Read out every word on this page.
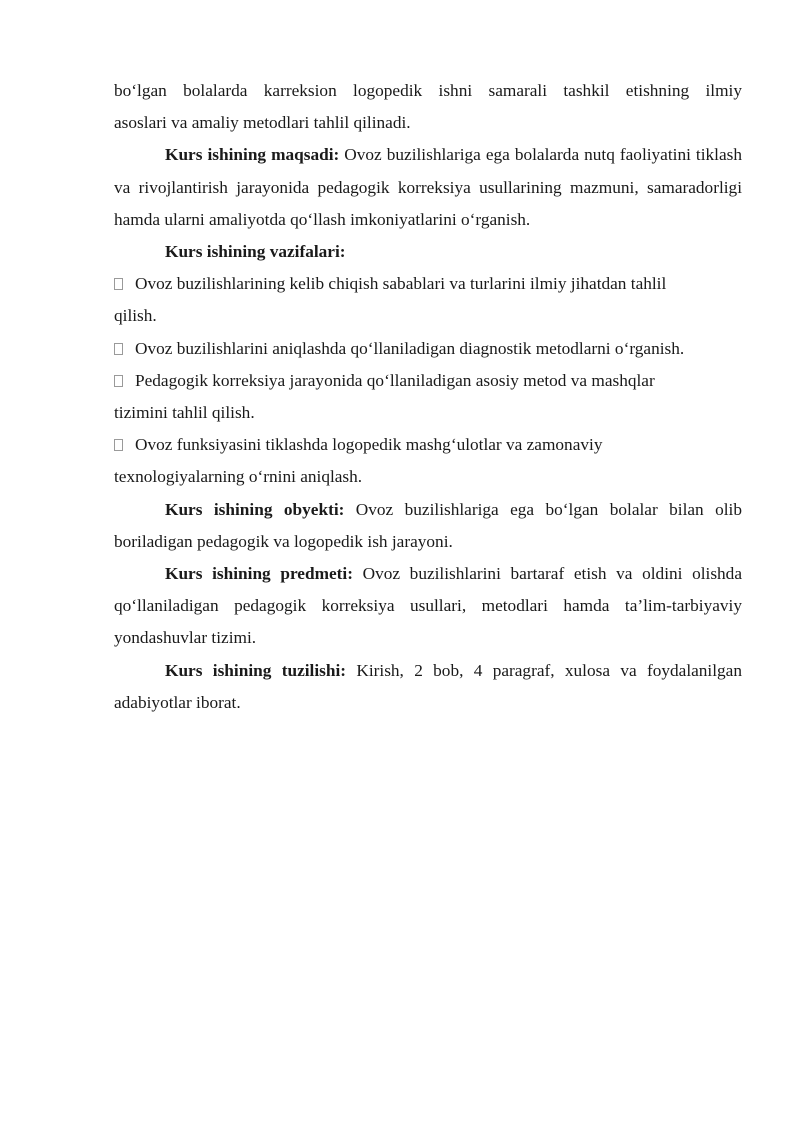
bo‘lgan bolalarda karreksion logopedik ishni samarali tashkil etishning ilmiy

asoslari va amaliy metodlari tahlil qilinadi.

Kurs ishining maqsadi: Ovoz buzilishlariga ega bolalarda nutq faoliyatini tiklash va rivojlantirish jarayonida pedagogik korreksiya usullarining mazmuni, samaradorligi hamda ularni amaliyotda qo‘llash imkoniyatlarini o‘rganish.

Kurs ishining vazifalari:

Ovoz buzilishlarining kelib chiqish sabablari va turlarini ilmiy jihatdan tahlil
qilish.

Ovoz buzilishlarini aniqlashda qo‘llaniladigan diagnostik metodlarni o‘rganish.

Pedagogik korreksiya jarayonida qo‘llaniladigan asosiy metod va mashqlar
tizimini tahlil qilish.

Ovoz funksiyasini tiklashda logopedik mashg‘ulotlar va zamonaviy
texnologiyalarning o‘rnini aniqlash.

Kurs ishining obyekti: Ovoz buzilishlariga ega bo‘lgan bolalar bilan olib boriladigan pedagogik va logopedik ish jarayoni.

Kurs ishining predmeti: Ovoz buzilishlarini bartaraf etish va oldini olishda qo‘llaniladigan pedagogik korreksiya usullari, metodlari hamda ta’lim-tarbiyaviy yondashuvlar tizimi.

Kurs ishining tuzilishi: Kirish, 2 bob, 4 paragraf, xulosa va foydalanilgan adabiyotlar iborat.
